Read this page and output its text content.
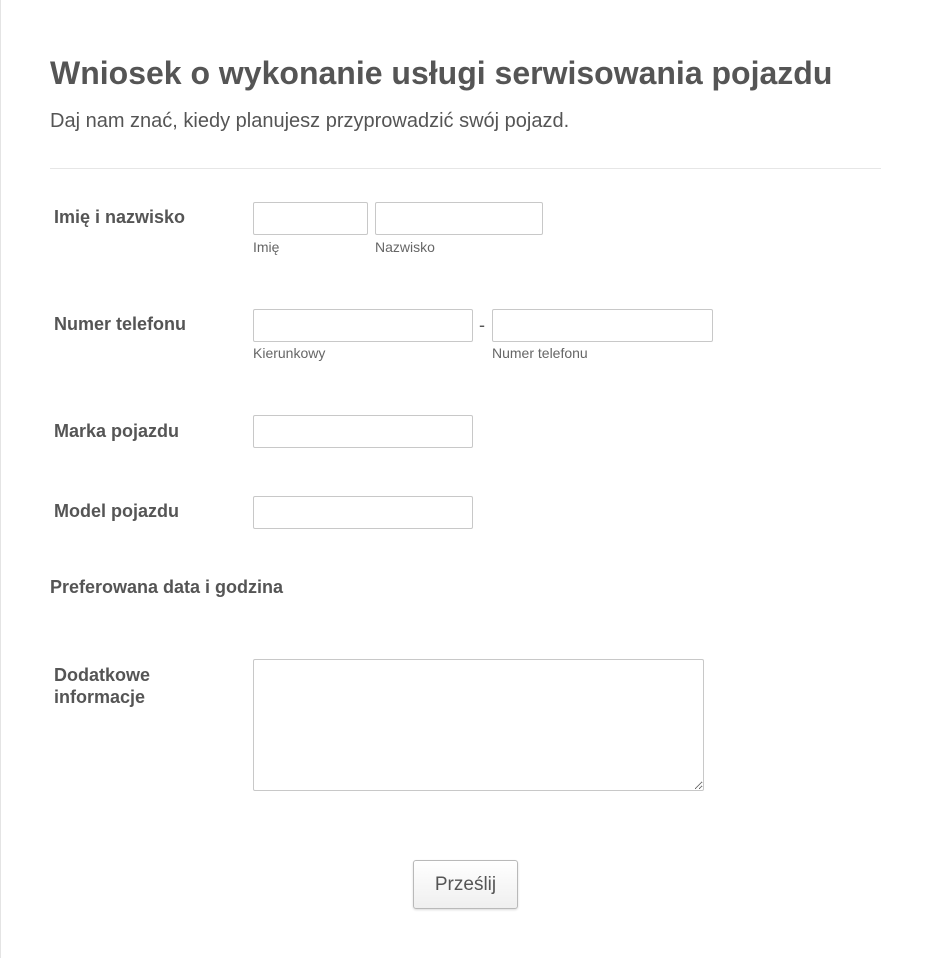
Wniosek o wykonanie usługi serwisowania pojazdu
Daj nam znać, kiedy planujesz przyprowadzić swój pojazd.
Imię i nazwisko
Imię	Nazwisko
Numer telefonu
Kierunkowy
-
Numer telefonu
Marka pojazdu
Model pojazdu
Preferowana data i godzina
Dodatkowe
informacje
Prześlij
